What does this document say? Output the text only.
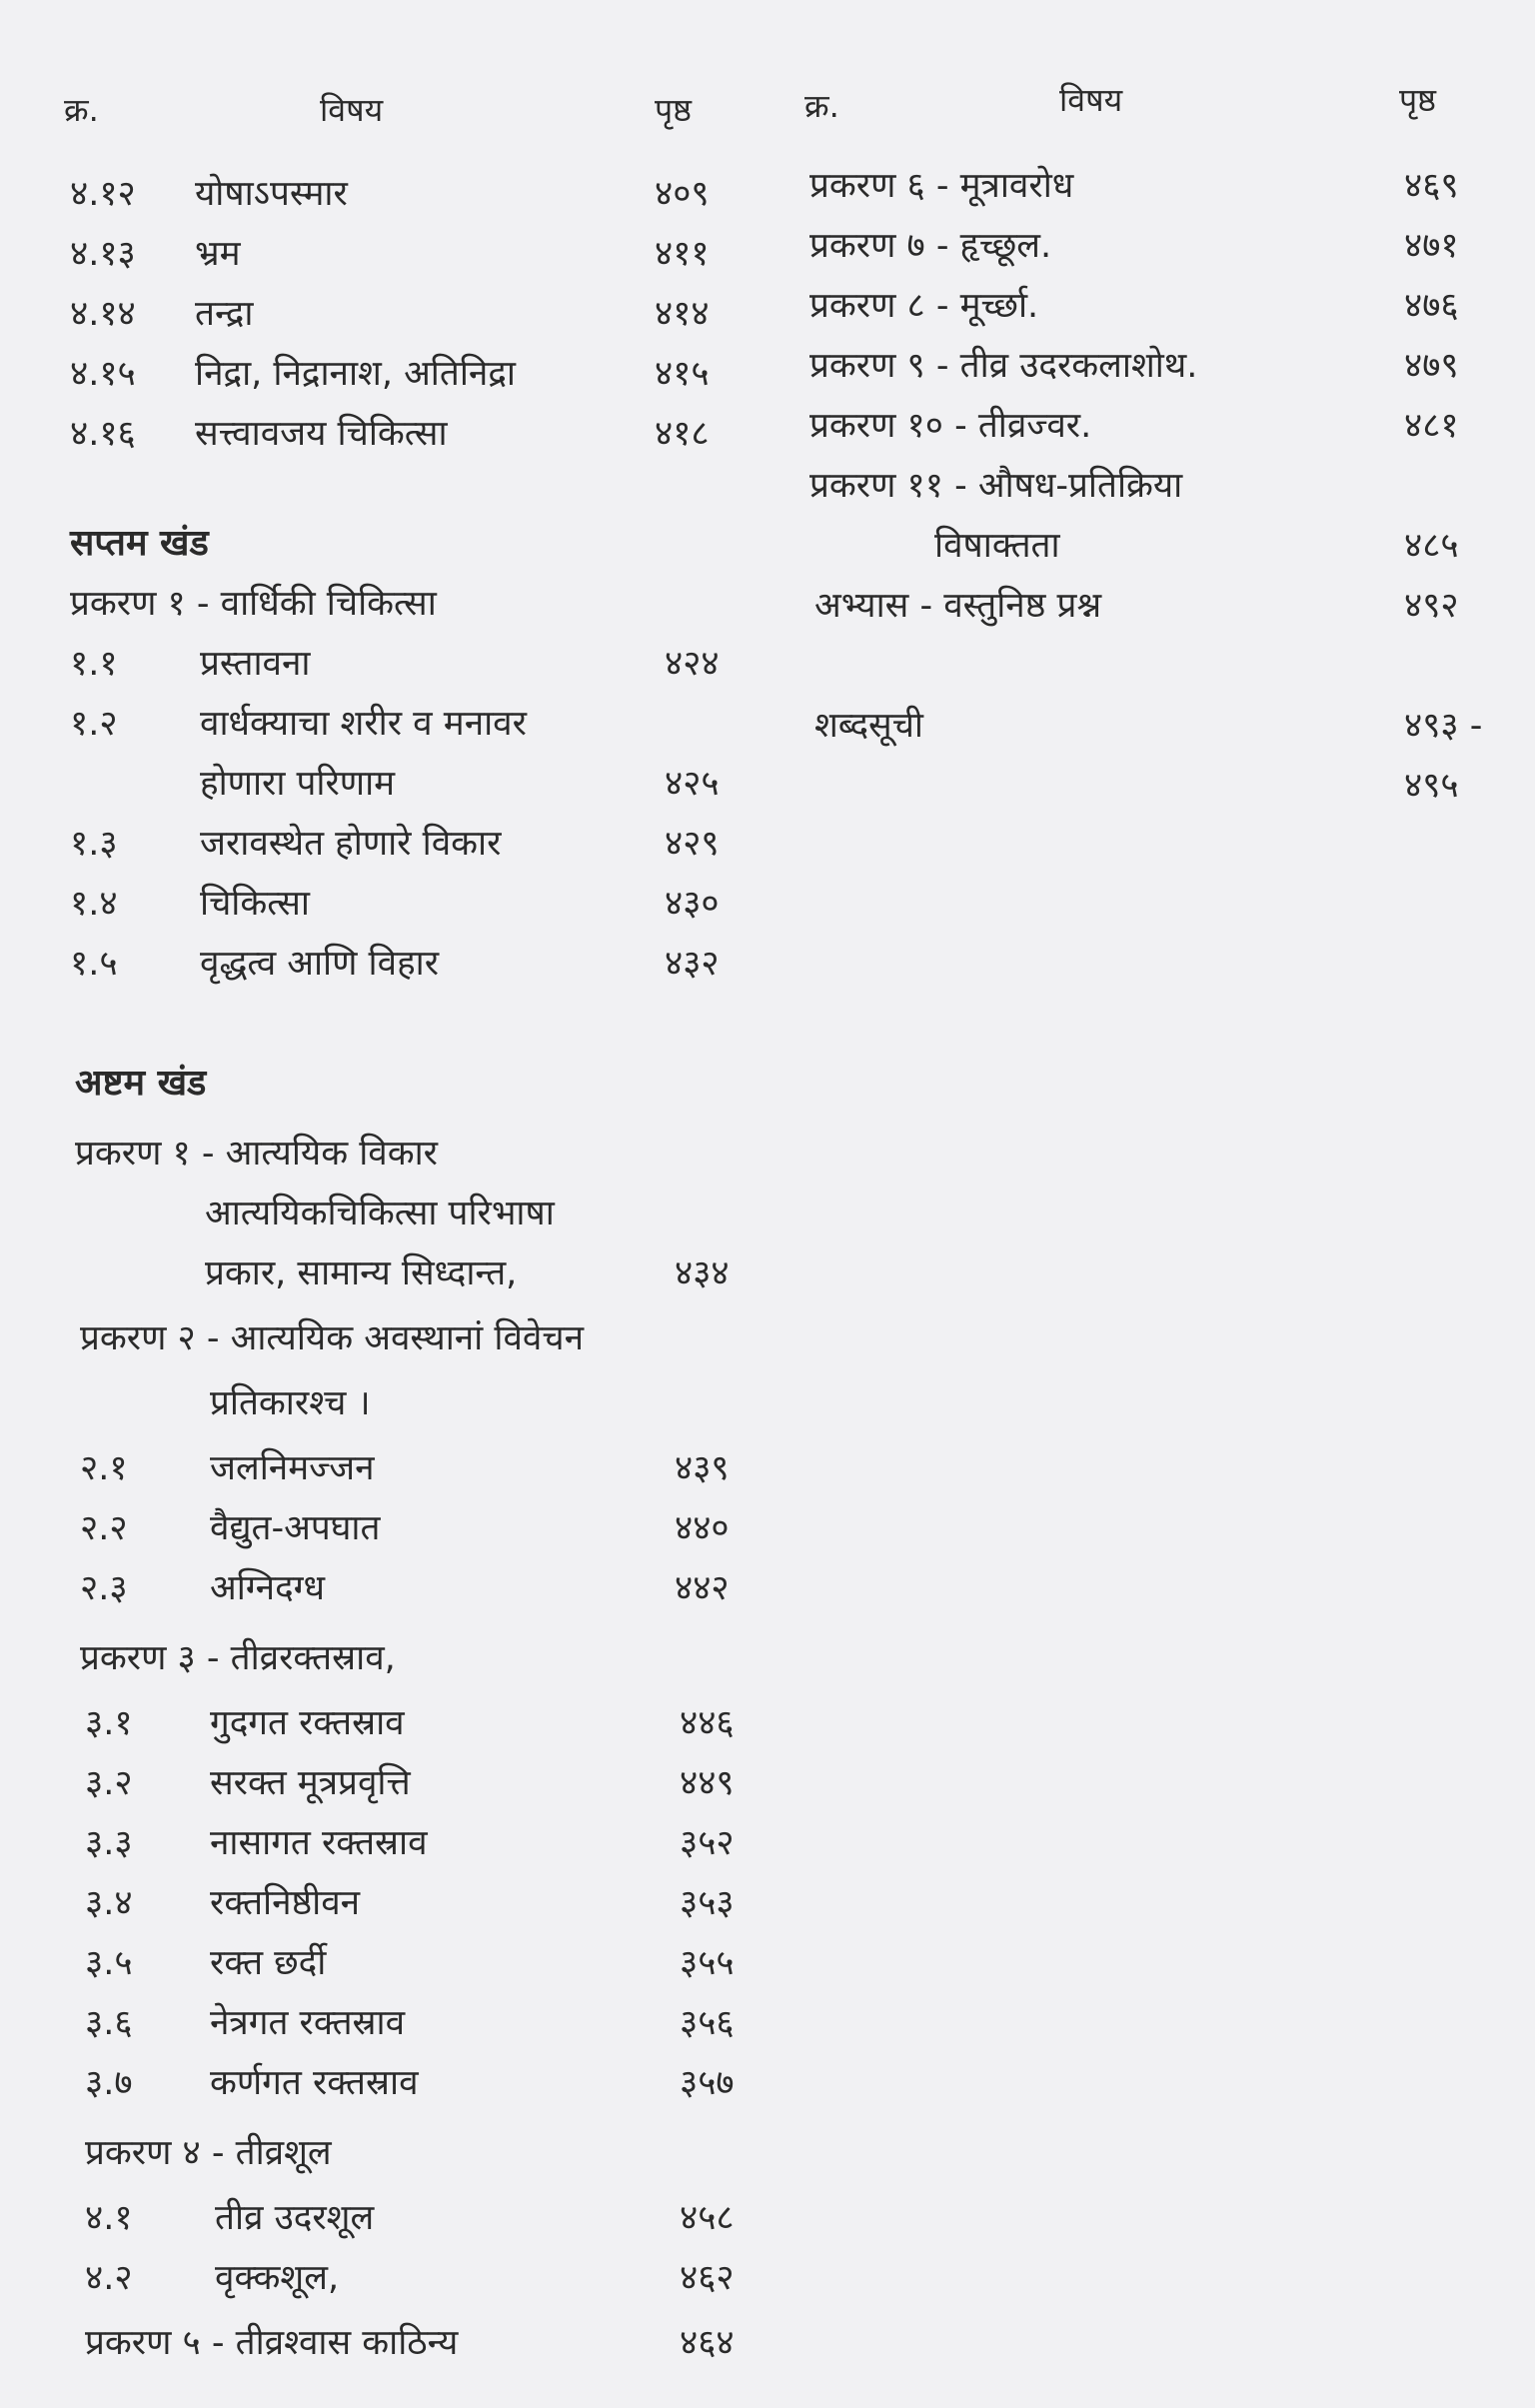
क्र.	विषय	पृष्ठ
४.१२ योषाऽपस्मार	४०९
४.१३ भ्रम	४११
४.१४ तन्द्रा	४१४
४.१५ निद्रा, निद्रानाश, अतिनिद्रा	४१५
४.१६ सत्त्वावजय चिकित्सा	४१८
सप्तम खंड
प्रकरण १ - वार्धिकी चिकित्सा
१.१ प्रस्तावना	४२४
१.२ वार्धक्याचा शरीर व मनावर
होणारा परिणाम	४२५
१.३ जरावस्थेत होणारे विकार	४२९
१.४ चिकित्सा	४३०
१.५ वृद्धत्व आणि विहार	४३२
अष्टम खंड
प्रकरण १ - आत्ययिक विकार
आत्ययिकचिकित्सा परिभाषा
प्रकार, सामान्य सिध्दान्त,	४३४
प्रकरण २ - आत्ययिक अवस्थानां विवेचन
प्रतिकारश्च ।
२.१ जलनिमज्जन	४३९
२.२ वैद्युत-अपघात	४४०
२.३ अग्निदग्ध	४४२
प्रकरण ३ - तीव्ररक्तस्राव,
३.१ गुदगत रक्तस्राव	४४६
३.२ सरक्त मूत्रप्रवृत्ति	४४९
३.३ नासागत रक्तस्राव	३५२
३.४ रक्तनिष्ठीवन	३५३
३.५ रक्त छर्दी	३५५
३.६ नेत्रगत रक्तस्राव	३५६
३.७ कर्णगत रक्तस्राव	३५७
प्रकरण ४ - तीव्रशूल
४.१ तीव्र उदरशूल	४५८
४.२ वृक्कशूल,	४६२
प्रकरण ५ - तीव्रश्वास काठिन्य	४६४
क्र.	विषय	पृष्ठ
प्रकरण ६ - मूत्रावरोध	४६९
प्रकरण ७ - हृच्छूल.	४७१
प्रकरण ८ - मूर्च्छा.	४७६
प्रकरण ९ - तीव्र उदरकलाशोथ.	४७९
प्रकरण १० - तीव्रज्वर.	४८१
प्रकरण ११ - औषध-प्रतिक्रिया
विषाक्तता	४८५
अभ्यास - वस्तुनिष्ठ प्रश्न	४९२
शब्दसूची	४९३ -
४९५
